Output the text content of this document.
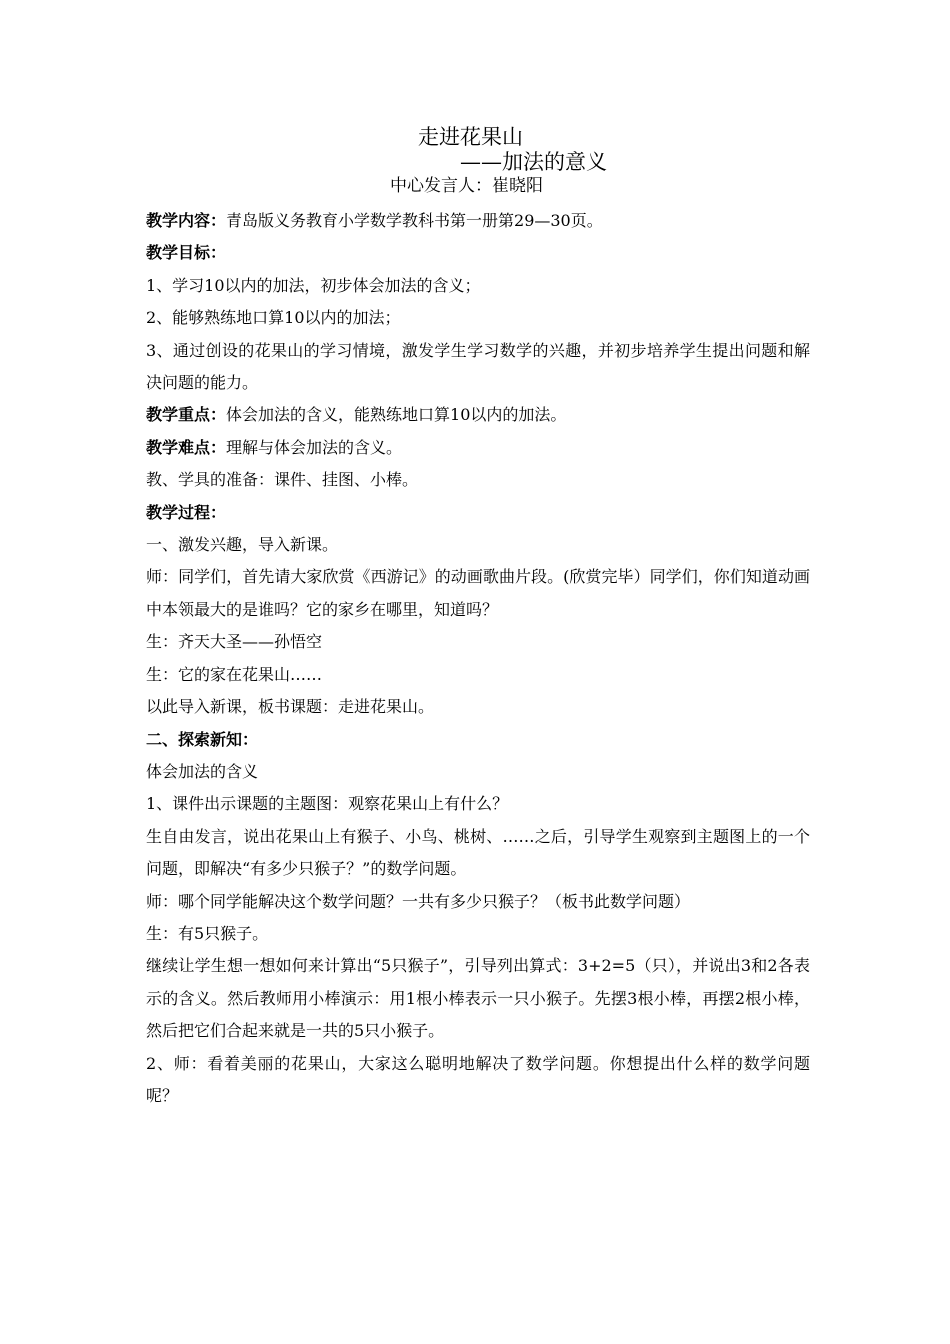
走进花果山
——加法的意义
中心发言人：崔晓阳

教学内容：青岛版义务教育小学数学教科书第一册第29—30页。

教学目标：

1、学习10以内的加法，初步体会加法的含义；

2、能够熟练地口算10以内的加法；

3、通过创设的花果山的学习情境，激发学生学习数学的兴趣，并初步培养学生提出问题和解决问题的能力。

教学重点：体会加法的含义，能熟练地口算10以内的加法。

教学难点：理解与体会加法的含义。

教、学具的准备：课件、挂图、小棒。

教学过程：

一、激发兴趣，导入新课。

师：同学们，首先请大家欣赏《西游记》的动画歌曲片段。(欣赏完毕）同学们，你们知道动画中本领最大的是谁吗？它的家乡在哪里，知道吗？

生：齐天大圣——孙悟空

生：它的家在花果山……

以此导入新课，板书课题：走进花果山。

二、探索新知：

体会加法的含义

1、课件出示课题的主题图：观察花果山上有什么？

生自由发言，说出花果山上有猴子、小鸟、桃树、……之后，引导学生观察到主题图上的一个问题，即解决“有多少只猴子？”的数学问题。

师：哪个同学能解决这个数学问题？一共有多少只猴子？（板书此数学问题）

生：有5只猴子。

继续让学生想一想如何来计算出“5只猴子”，引导列出算式：3+2=5（只），并说出3和2各表示的含义。然后教师用小棒演示：用1根小棒表示一只小猴子。先摆3根小棒，再摆2根小棒，然后把它们合起来就是一共的5只小猴子。

2、师：看着美丽的花果山，大家这么聪明地解决了数学问题。你想提出什么样的数学问题呢？
